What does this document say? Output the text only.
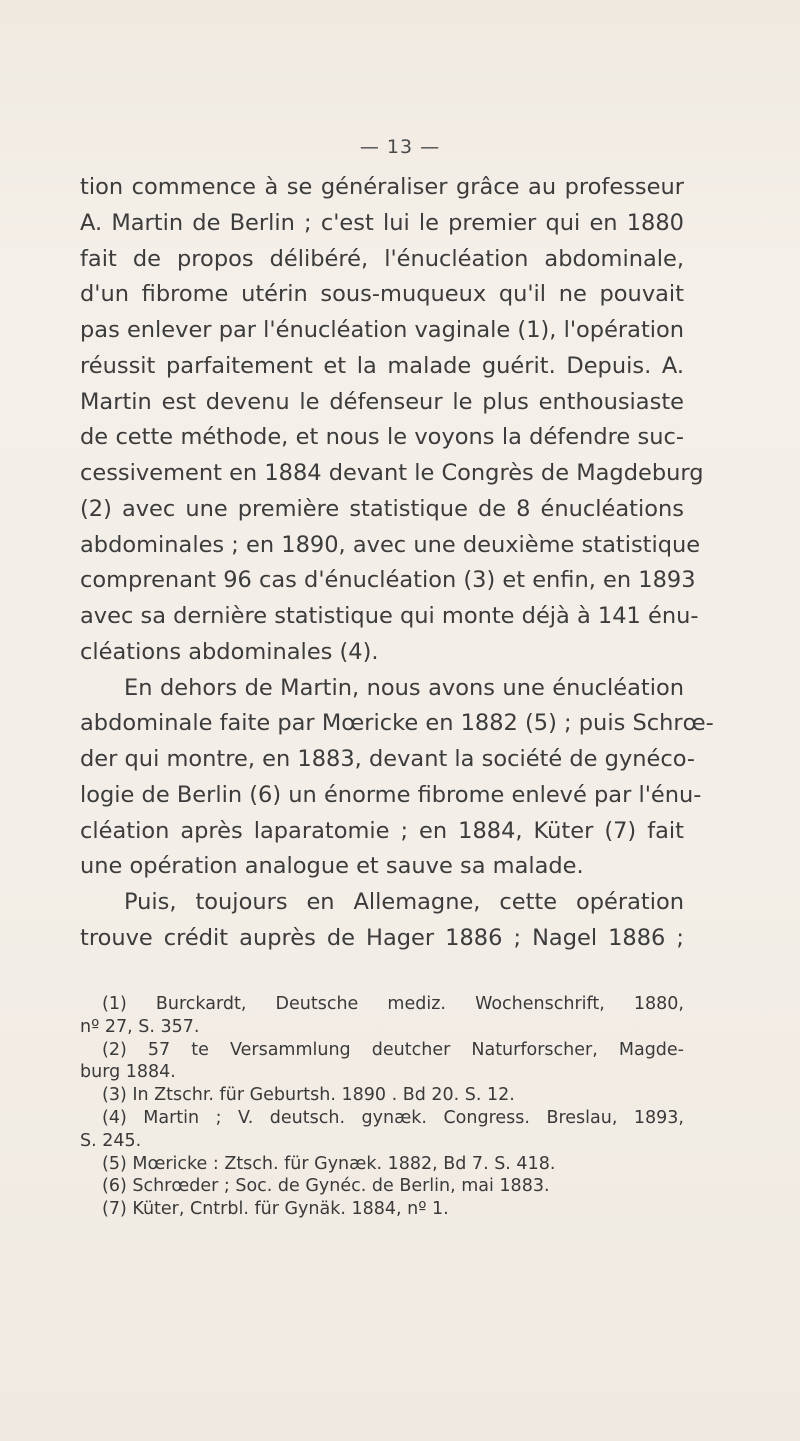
— 13 —
tion commence à se généraliser grâce au professeur
A. Martin de Berlin ; c'est lui le premier qui en 1880
fait de propos délibéré, l'énucléation abdominale,
d'un fibrome utérin sous-muqueux qu'il ne pouvait
pas enlever par l'énucléation vaginale (1), l'opération
réussit parfaitement et la malade guérit. Depuis. A.
Martin est devenu le défenseur le plus enthousiaste
de cette méthode, et nous le voyons la défendre suc-
cessivement en 1884 devant le Congrès de Magdeburg
(2) avec une première statistique de 8 énucléations
abdominales ; en 1890, avec une deuxième statistique
comprenant 96 cas d'énucléation (3) et enfin, en 1893
avec sa dernière statistique qui monte déjà à 141 énu-
cléations abdominales (4).
En dehors de Martin, nous avons une énucléation
abdominale faite par Mœricke en 1882 (5) ; puis Schrœ-
der qui montre, en 1883, devant la société de gynéco-
logie de Berlin (6) un énorme fibrome enlevé par l'énu-
cléation après laparatomie ; en 1884, Küter (7) fait
une opération analogue et sauve sa malade.
Puis, toujours en Allemagne, cette opération
trouve crédit auprès de Hager 1886 ; Nagel 1886 ;
(1) Burckardt, Deutsche mediz. Wochenschrift, 1880,
nº 27, S. 357.
(2) 57 te Versammlung deutcher Naturforscher, Magde-
burg 1884.
(3) In Ztschr. für Geburtsh. 1890 . Bd 20. S. 12.
(4) Martin ; V. deutsch. gynæk. Congress. Breslau, 1893,
S. 245.
(5) Mœricke : Ztsch. für Gynæk. 1882, Bd 7. S. 418.
(6) Schrœder ; Soc. de Gynéc. de Berlin, mai 1883.
(7) Küter, Cntrbl. für Gynäk. 1884, nº 1.
